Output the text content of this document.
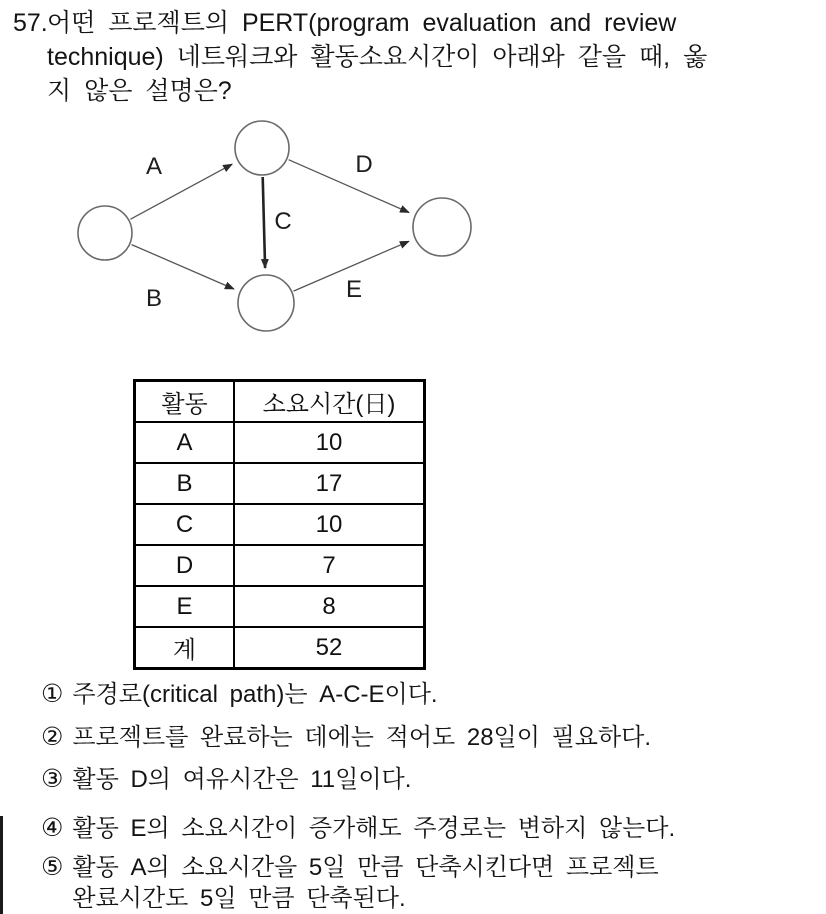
57. 어떤 프로젝트의 PERT(program evaluation and review
technique) 네트워크와 활동소요시간이 아래와 같을 때, 옳
지 않은 설명은?
A
B
C
D
E
활동	소요시간(日)
A	10
B	17
C	10
D	7
E	8
계	52
① 주경로(critical path)는 A-C-E이다.
② 프로젝트를 완료하는 데에는 적어도 28일이 필요하다.
③ 활동 D의 여유시간은 11일이다.
④ 활동 E의 소요시간이 증가해도 주경로는 변하지 않는다.
⑤ 활동 A의 소요시간을 5일 만큼 단축시킨다면 프로젝트
완료시간도 5일 만큼 단축된다.
